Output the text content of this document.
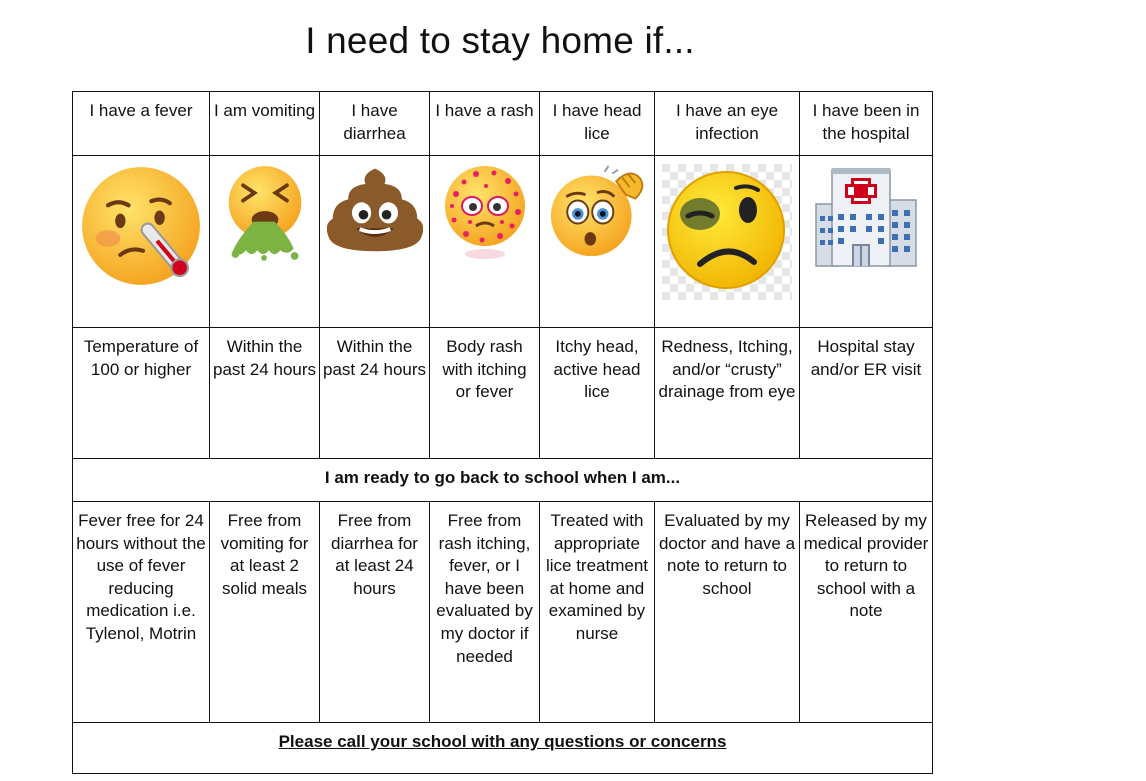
I need to stay home if...
I have a fever	I am vomiting	I have diarrhea	I have a rash	I have head lice	I have an eye infection	I have been in the hospital

Temperature of 100 or higher	Within the past 24 hours	Within the past 24 hours	Body rash with itching or fever	Itchy head, active head lice	Redness, Itching, and/or “crusty” drainage from eye	Hospital stay and/or ER visit
I am ready to go back to school when I am...						
Fever free for 24 hours without the use of fever reducing medication i.e. Tylenol, Motrin	Free from vomiting for at least 2 solid meals	Free from diarrhea for at least 24 hours	Free from rash itching, fever, or I have been evaluated by my doctor if needed	Treated with appropriate lice treatment at home and examined by nurse	Evaluated by my doctor and have a note to return to school	Released by my medical provider to return to school with a note
Please call your school with any questions or concerns						
